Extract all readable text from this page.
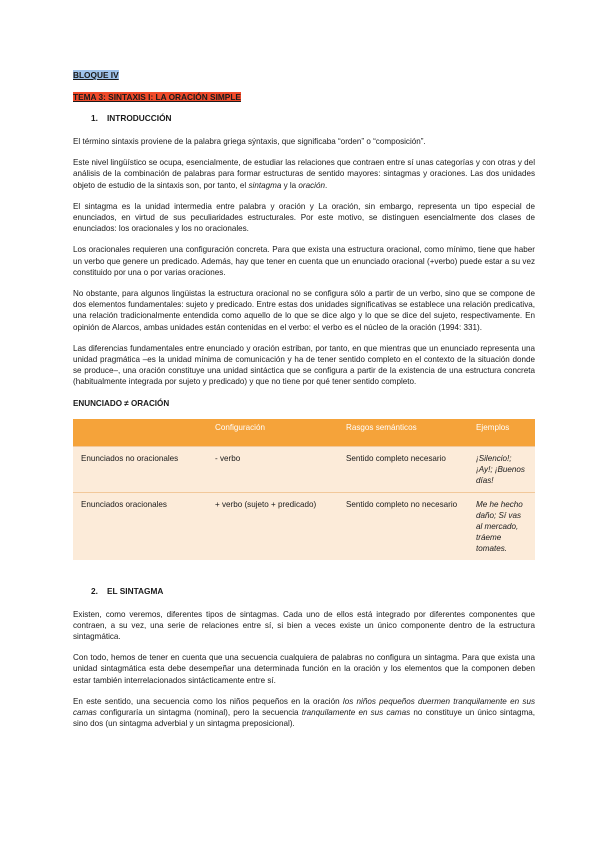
BLOQUE IV
TEMA 3: SINTAXIS I: LA ORACIÓN SIMPLE
1.	INTRODUCCIÓN

El término sintaxis proviene de la palabra griega sýntaxis, que significaba “orden” o “composición”.

Este nivel lingüístico se ocupa, esencialmente, de estudiar las relaciones que contraen entre sí unas categorías y con otras y del análisis de la combinación de palabras para formar estructuras de sentido mayores: sintagmas y oraciones. Las dos unidades objeto de estudio de la sintaxis son, por tanto, el sintagma y la oración.

El sintagma es la unidad intermedia entre palabra y oración y La oración, sin embargo, representa un tipo especial de enunciados, en virtud de sus peculiaridades estructurales. Por este motivo, se distinguen esencialmente dos clases de enunciados: los oracionales y los no oracionales.

Los oracionales requieren una configuración concreta. Para que exista una estructura oracional, como mínimo, tiene que haber un verbo que genere un predicado. Además, hay que tener en cuenta que un enunciado oracional (+verbo) puede estar a su vez constituido por una o por varias oraciones.

No obstante, para algunos lingüistas la estructura oracional no se configura sólo a partir de un verbo, sino que se compone de dos elementos fundamentales: sujeto y predicado. Entre estas dos unidades significativas se establece una relación predicativa, una relación tradicionalmente entendida como aquello de lo que se dice algo y lo que se dice del sujeto, respectivamente. En opinión de Alarcos, ambas unidades están contenidas en el verbo: el verbo es el núcleo de la oración (1994: 331).

Las diferencias fundamentales entre enunciado y oración estriban, por tanto, en que mientras que un enunciado representa una unidad pragmática –es la unidad mínima de comunicación y ha de tener sentido completo en el contexto de la situación donde se produce–, una oración constituye una unidad sintáctica que se configura a partir de la existencia de una estructura concreta (habitualmente integrada por sujeto y predicado) y que no tiene por qué tener sentido completo.

ENUNCIADO ≠ ORACIÓN
	Configuración	Rasgos semánticos	Ejemplos
Enunciados no oracionales	- verbo	Sentido completo necesario	¡Silencio!; ¡Ay!; ¡Buenos días!
Enunciados oracionales	+ verbo (sujeto + predicado)	Sentido completo no necesario	Me he hecho daño; Sí vas al mercado, tráeme tomates.
2.	EL SINTAGMA

Existen, como veremos, diferentes tipos de sintagmas. Cada uno de ellos está integrado por diferentes componentes que contraen, a su vez, una serie de relaciones entre sí, si bien a veces existe un único componente dentro de la estructura sintagmática.

Con todo, hemos de tener en cuenta que una secuencia cualquiera de palabras no configura un sintagma. Para que exista una unidad sintagmática esta debe desempeñar una determinada función en la oración y los elementos que la componen deben estar también interrelacionados sintácticamente entre sí.

En este sentido, una secuencia como los niños pequeños en la oración los niños pequeños duermen tranquilamente en sus camas configuraría un sintagma (nominal), pero la secuencia tranquilamente en sus camas no constituye un único sintagma, sino dos (un sintagma adverbial y un sintagma preposicional).
